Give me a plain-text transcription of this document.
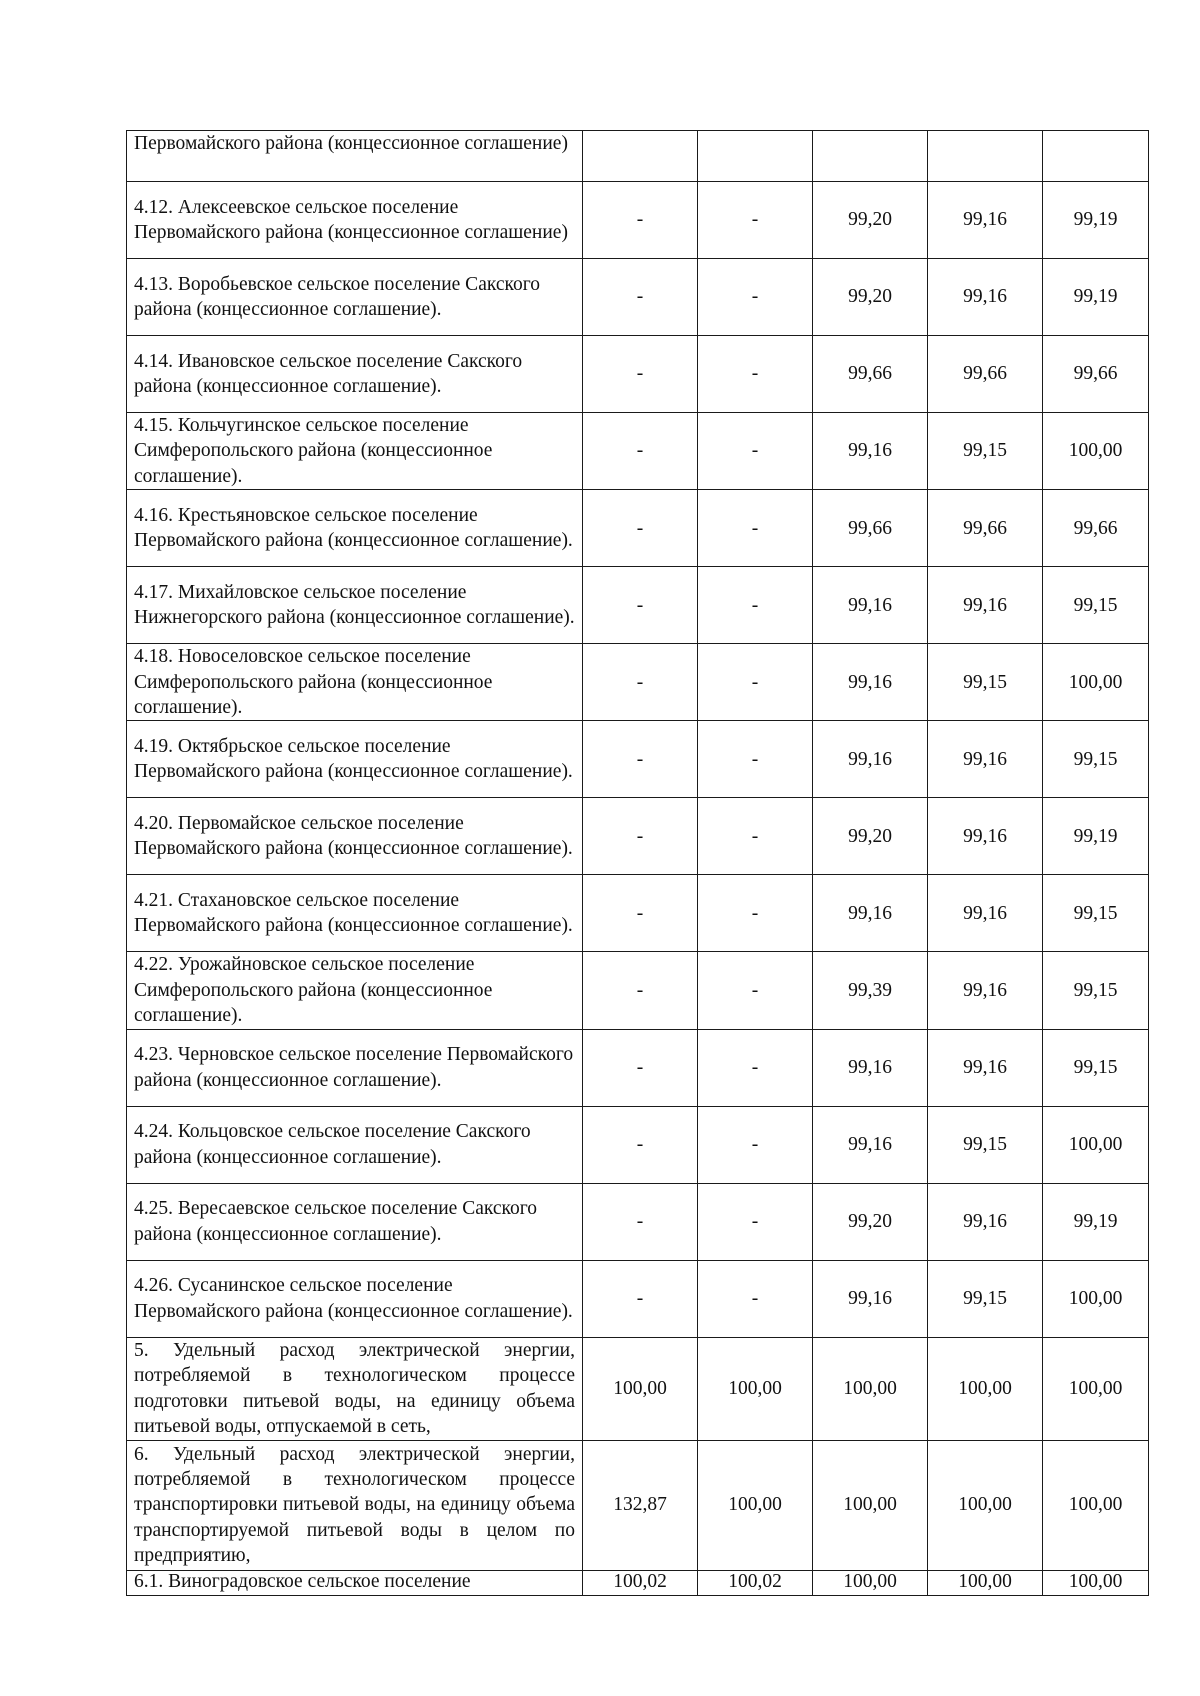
Первомайского района (концессионное соглашение)					
4.12. Алексеевское сельское поселение Первомайского района (концессионное соглашение)	-	-	99,20	99,16	99,19
4.13. Воробьевское сельское поселение Сакского района (концессионное соглашение).	-	-	99,20	99,16	99,19
4.14. Ивановское сельское поселение Сакского района (концессионное соглашение).	-	-	99,66	99,66	99,66
4.15. Кольчугинское сельское поселение Симферопольского района (концессионное соглашение).	-	-	99,16	99,15	100,00
4.16. Крестьяновское сельское поселение Первомайского района (концессионное соглашение).	-	-	99,66	99,66	99,66
4.17. Михайловское сельское поселение Нижнегорского района (концессионное соглашение).	-	-	99,16	99,16	99,15
4.18. Новоселовское сельское поселение Симферопольского района (концессионное соглашение).	-	-	99,16	99,15	100,00
4.19. Октябрьское сельское поселение Первомайского района (концессионное соглашение).	-	-	99,16	99,16	99,15
4.20. Первомайское сельское поселение Первомайского района (концессионное соглашение).	-	-	99,20	99,16	99,19
4.21. Стахановское сельское поселение Первомайского района (концессионное соглашение).	-	-	99,16	99,16	99,15
4.22. Урожайновское сельское поселение Симферопольского района (концессионное соглашение).	-	-	99,39	99,16	99,15
4.23. Черновское сельское поселение Первомайского района (концессионное соглашение).	-	-	99,16	99,16	99,15
4.24. Кольцовское сельское поселение Сакского района (концессионное соглашение).	-	-	99,16	99,15	100,00
4.25. Вересаевское сельское поселение Сакского района (концессионное соглашение).	-	-	99,20	99,16	99,19
4.26. Сусанинское сельское поселение Первомайского района (концессионное соглашение).	-	-	99,16	99,15	100,00
5. Удельный расход электрической энергии, потребляемой в технологическом процессе подготовки питьевой воды, на единицу объема питьевой воды, отпускаемой в сеть,	100,00	100,00	100,00	100,00	100,00
6. Удельный расход электрической энергии, потребляемой в технологическом процессе транспортировки питьевой воды, на единицу объема транспортируемой питьевой воды в целом по предприятию,	132,87	100,00	100,00	100,00	100,00
6.1. Виноградовское сельское поселение	100,02	100,02	100,00	100,00	100,00
